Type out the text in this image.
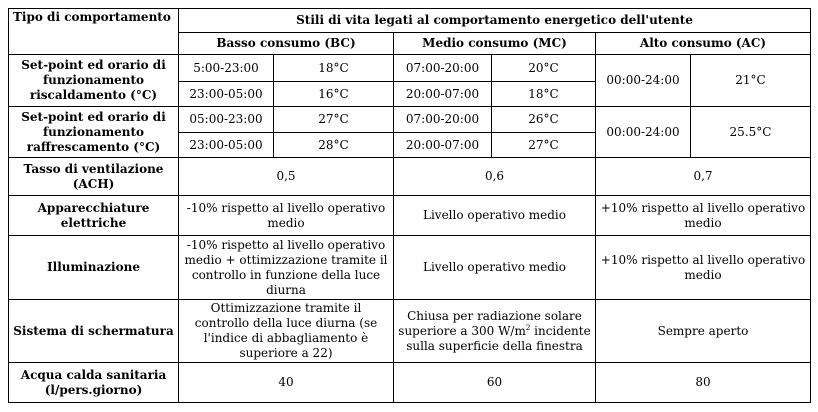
Tipo di comportamento	Stili di vita legati al comportamento energetico dell'utente					
	Basso consumo (BC)		Medio consumo (MC)		Alto consumo (AC)	
Set-point ed orario di funzionamento riscaldamento (°C)	5:00-23:00	18°C	07:00-20:00	20°C	00:00-24:00	21°C
	23:00-05:00	16°C	20:00-07:00	18°C		
Set-point ed orario di funzionamento raffrescamento (°C)	05:00-23:00	27°C	07:00-20:00	26°C	00:00-24:00	25.5°C
	23:00-05:00	28°C	20:00-07:00	27°C		
Tasso di ventilazione (ACH)	0,5		0,6		0,7	
Apparecchiature elettriche	-10% rispetto al livello operativo medio		Livello operativo medio		+10% rispetto al livello operativo medio	
Illuminazione	-10% rispetto al livello operativo medio + ottimizzazione tramite il controllo in funzione della luce diurna		Livello operativo medio		+10% rispetto al livello operativo medio	
Sistema di schermatura	Ottimizzazione tramite il controllo della luce diurna (se l'indice di abbagliamento è superiore a 22)		Chiusa per radiazione solare superiore a 300 $W/m^2$ incidente sulla superficie della finestra		Sempre aperto	
Acqua calda sanitaria (l/pers.giorno)	40		60		80	
